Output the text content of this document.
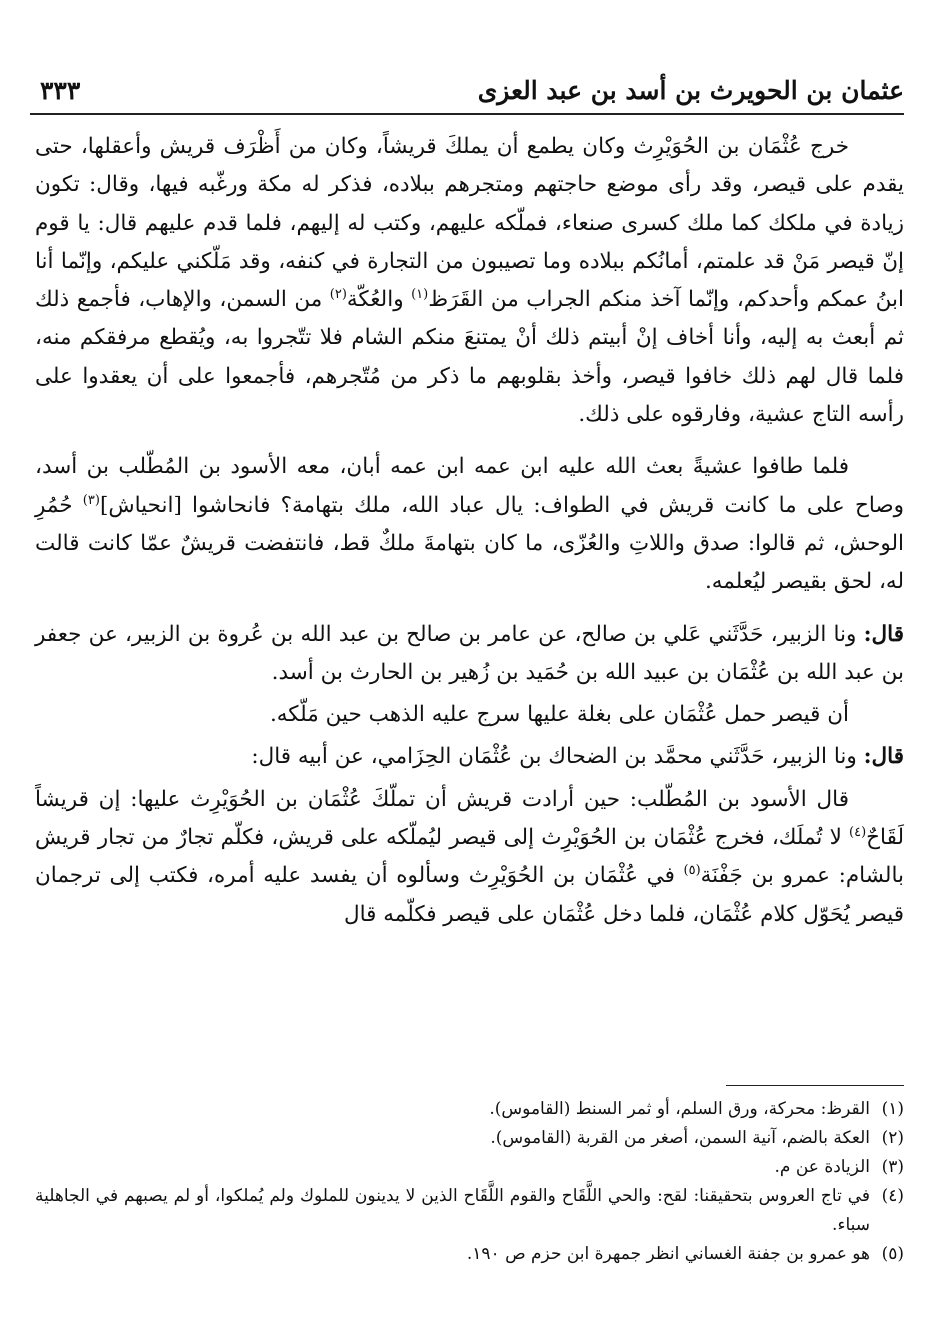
عثمان بن الحويرث بن أسد بن عبد العزى
٣٣٣

خرج عُثْمَان بن الحُوَيْرِث وكان يطمع أن يملكَ قريشاً، وكان من أَظْرَف قريش وأعقلها، حتى يقدم على قيصر، وقد رأى موضع حاجتهم ومتجرهم ببلاده، فذكر له مكة ورغّبه فيها، وقال: تكون زيادة في ملكك كما ملك كسرى صنعاء، فملّكه عليهم، وكتب له إليهم، فلما قدم عليهم قال: يا قوم إنّ قيصر مَنْ قد علمتم، أمانُكم ببلاده وما تصيبون من التجارة في كنفه، وقد مَلّكني عليكم، وإنّما أنا ابنُ عمكم وأحدكم، وإنّما آخذ منكم الجراب من القَرَظ$^{(١)}$ والعُكّة$^{(٢)}$ من السمن، والإهاب، فأجمع ذلك ثم أبعث به إليه، وأنا أخاف إنْ أبيتم ذلك أنْ يمتنعَ منكم الشام فلا تتّجروا به، ويُقطع مرفقكم منه، فلما قال لهم ذلك خافوا قيصر، وأخذ بقلوبهم ما ذكر من مُتّجرهم، فأجمعوا على أن يعقدوا على رأسه التاج عشية، وفارقوه على ذلك.

فلما طافوا عشيةً بعث الله عليه ابن عمه ابن عمه أبان، معه الأسود بن المُطّلب بن أسد، وصاح على ما كانت قريش في الطواف: يال عباد الله، ملك بتهامة؟ فانحاشوا [انحياش]$^{(٣)}$ حُمُرِ الوحش، ثم قالوا: صدق واللاتِ والعُزّى، ما كان بتهامةَ ملكٌ قط، فانتفضت قريشٌ عمّا كانت قالت له، لحق بقيصر ليُعلمه.

قال: ونا الزبير، حَدَّثَني عَلي بن صالح، عن عامر بن صالح بن عبد الله بن عُروة بن الزبير، عن جعفر بن عبد الله بن عُثْمَان بن عبيد الله بن حُمَيد بن زُهير بن الحارث بن أسد.

أن قيصر حمل عُثْمَان على بغلة عليها سرج عليه الذهب حين مَلّكه.

قال: ونا الزبير، حَدَّثَني محمَّد بن الضحاك بن عُثْمَان الحِزَامي، عن أبيه قال:

قال الأسود بن المُطّلب: حين أرادت قريش أن تملّكَ عُثْمَان بن الحُوَيْرِث عليها: إن قريشاً لَقَاحٌ$^{(٤)}$ لا تُملَك، فخرج عُثْمَان بن الحُوَيْرِث إلى قيصر ليُملّكه على قريش، فكلّم تجارٌ من تجار قريش بالشام: عمرو بن جَفْنَة$^{(٥)}$ في عُثْمَان بن الحُوَيْرِث وسألوه أن يفسد عليه أمره، فكتب إلى ترجمان قيصر يُحَوّل كلام عُثْمَان، فلما دخل عُثْمَان على قيصر فكلّمه قال

(١)
القرظ: محركة، ورق السلم، أو ثمر السنط (القاموس).
(٢)
العكة بالضم، آنية السمن، أصغر من القربة (القاموس).
(٣)
الزيادة عن م.
(٤)
في تاج العروس بتحقيقنا: لقح: والحي اللَّقَاح والقوم اللَّقَاح الذين لا يدينون للملوك ولم يُملكوا، أو لم يصبهم في الجاهلية سباء.
(٥)
هو عمرو بن جفنة الغساني انظر جمهرة ابن حزم ص ١٩٠.
